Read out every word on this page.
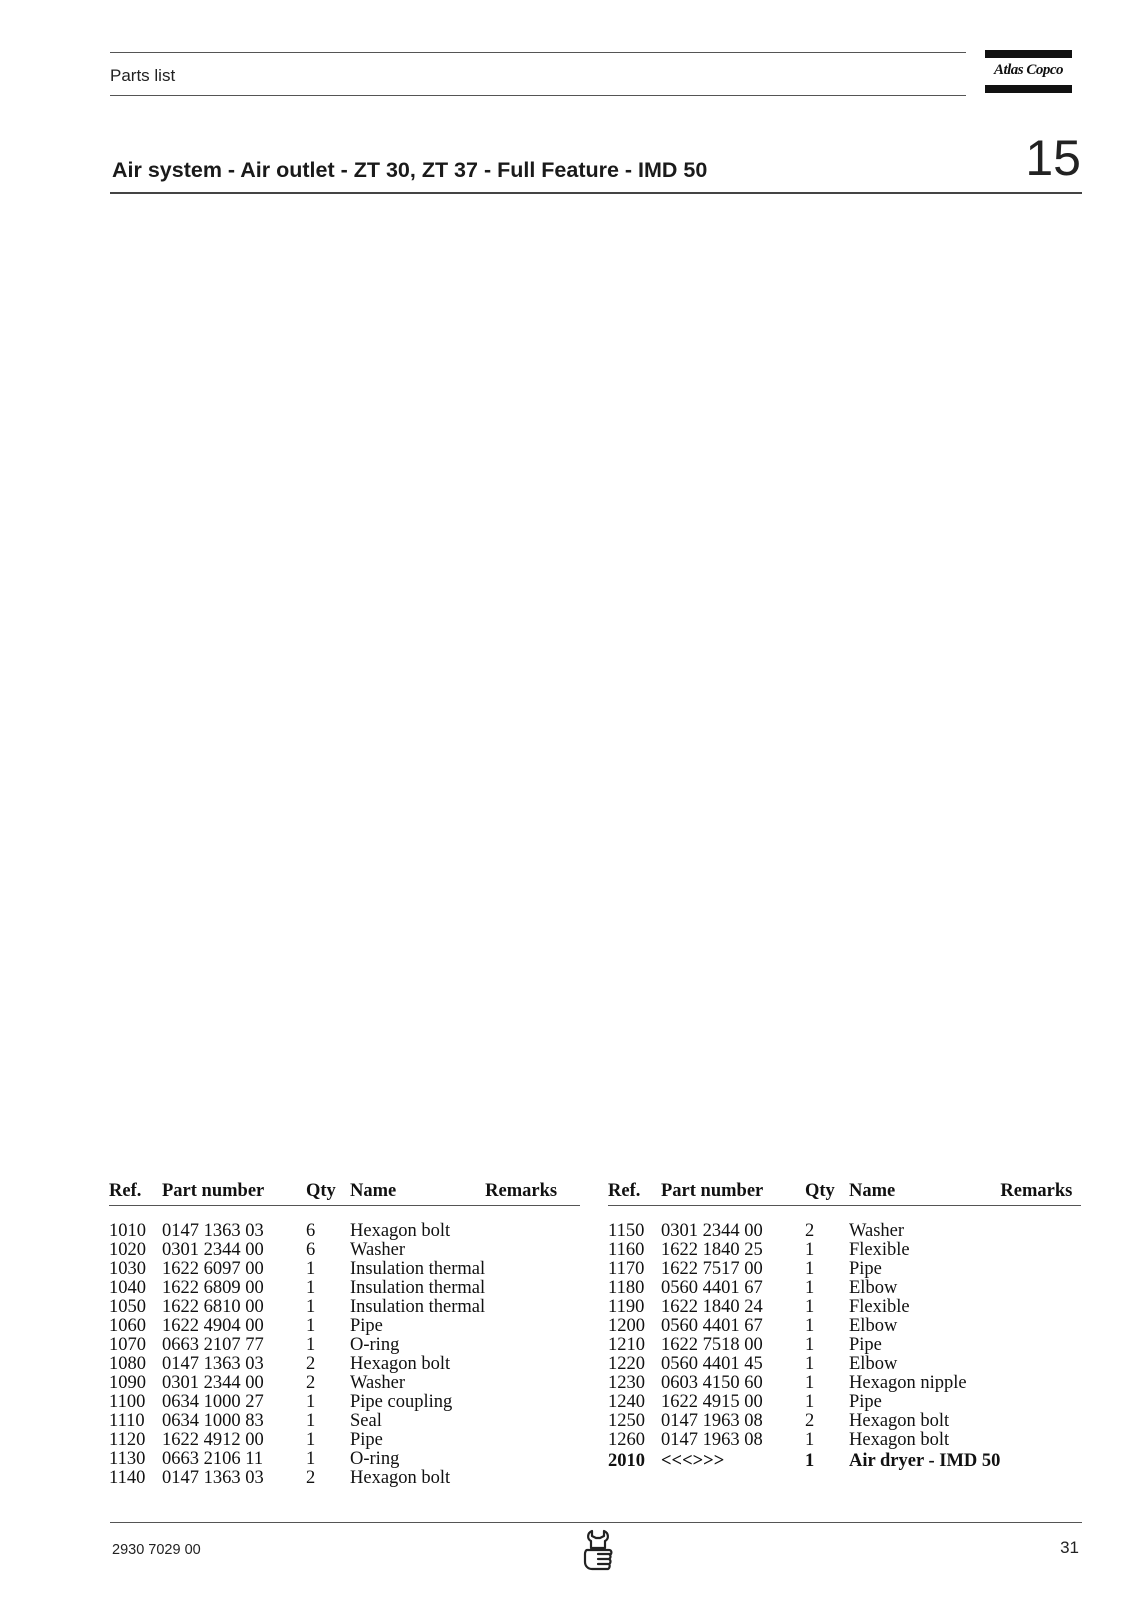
Parts list	Atlas Copco
Air system - Air outlet - ZT 30, ZT 37 - Full Feature - IMD 50	15
Ref.	Part number	Qty	Name	Remarks
1010	0147 1363 03	6	Hexagon bolt	
1020	0301 2344 00	6	Washer	
1030	1622 6097 00	1	Insulation thermal	
1040	1622 6809 00	1	Insulation thermal	
1050	1622 6810 00	1	Insulation thermal	
1060	1622 4904 00	1	Pipe	
1070	0663 2107 77	1	O-ring	
1080	0147 1363 03	2	Hexagon bolt	
1090	0301 2344 00	2	Washer	
1100	0634 1000 27	1	Pipe coupling	
1110	0634 1000 83	1	Seal	
1120	1622 4912 00	1	Pipe	
1130	0663 2106 11	1	O-ring	
1140	0147 1363 03	2	Hexagon bolt	
Ref.	Part number	Qty	Name	Remarks
1150	0301 2344 00	2	Washer	
1160	1622 1840 25	1	Flexible	
1170	1622 7517 00	1	Pipe	
1180	0560 4401 67	1	Elbow	
1190	1622 1840 24	1	Flexible	
1200	0560 4401 67	1	Elbow	
1210	1622 7518 00	1	Pipe	
1220	0560 4401 45	1	Elbow	
1230	0603 4150 60	1	Hexagon nipple	
1240	1622 4915 00	1	Pipe	
1250	0147 1963 08	2	Hexagon bolt	
1260	0147 1963 08	1	Hexagon bolt	
2010	<<<>>>	1	Air dryer - IMD 50	
2930 7029 00	31
